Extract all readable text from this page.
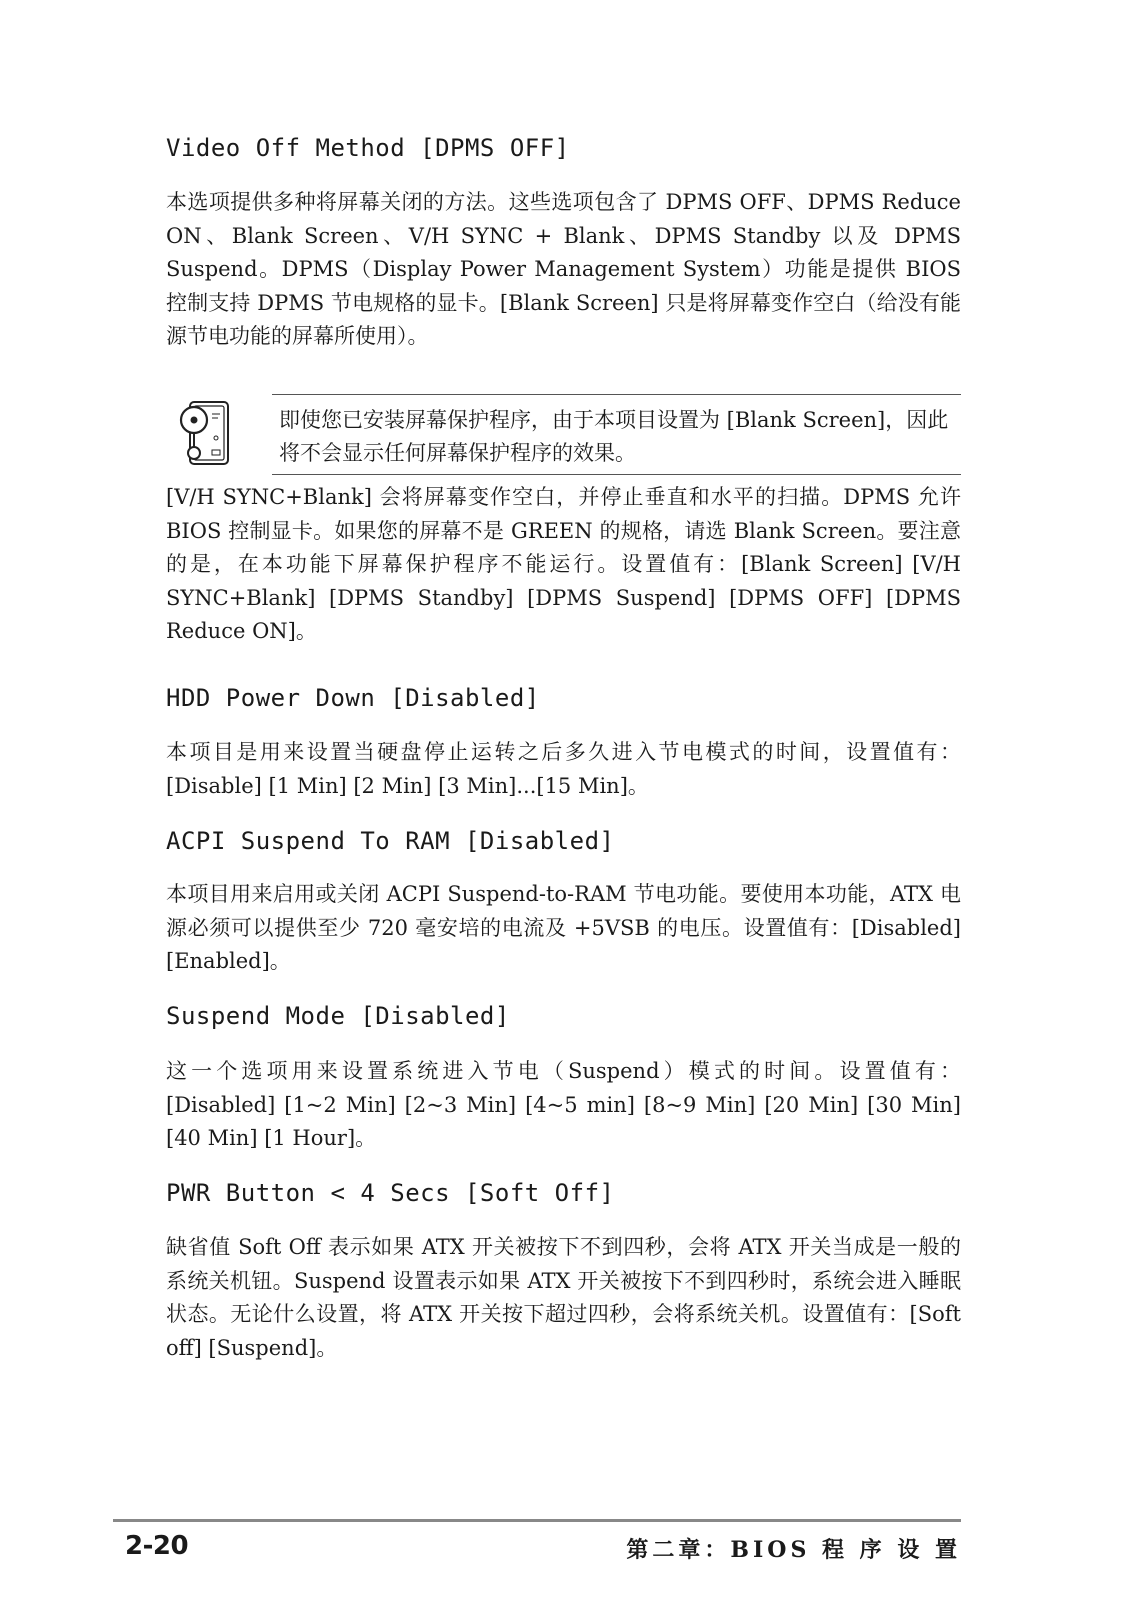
Video Off Method [DPMS OFF]

本选项提供多种将屏幕关闭的方法。这些选项包含了 DPMS OFF、DPMS Reduce ON、Blank Screen、V/H SYNC + Blank、DPMS Standby 以及 DPMS Suspend。DPMS（Display Power Management System）功能是提供 BIOS 控制支持 DPMS 节电规格的显卡。[Blank Screen] 只是将屏幕变作空白（给没有能源节电功能的屏幕所使用）。

即使您已安装屏幕保护程序，由于本项目设置为 [Blank Screen]，因此将不会显示任何屏幕保护程序的效果。

[V/H SYNC+Blank] 会将屏幕变作空白，并停止垂直和水平的扫描。DPMS 允许 BIOS 控制显卡。如果您的屏幕不是 GREEN 的规格，请选 Blank Screen。要注意的是，在本功能下屏幕保护程序不能运行。设置值有：[Blank Screen] [V/H SYNC+Blank] [DPMS Standby] [DPMS Suspend] [DPMS OFF] [DPMS Reduce ON]。

HDD Power Down [Disabled]

本项目是用来设置当硬盘停止运转之后多久进入节电模式的时间，设置值有：[Disable] [1 Min] [2 Min] [3 Min]...[15 Min]。

ACPI Suspend To RAM [Disabled]

本项目用来启用或关闭 ACPI Suspend-to-RAM 节电功能。要使用本功能，ATX 电源必须可以提供至少 720 毫安培的电流及 +5VSB 的电压。设置值有：[Disabled] [Enabled]。

Suspend Mode [Disabled]

这一个选项用来设置系统进入节电（Suspend）模式的时间。设置值有： [Disabled] [1~2 Min] [2~3 Min] [4~5 min] [8~9 Min] [20 Min] [30 Min] [40 Min] [1 Hour]。

PWR Button < 4 Secs [Soft Off]

缺省值 Soft Off 表示如果 ATX 开关被按下不到四秒，会将 ATX 开关当成是一般的系统关机钮。Suspend 设置表示如果 ATX 开关被按下不到四秒时，系统会进入睡眠状态。无论什么设置，将 ATX 开关按下超过四秒，会将系统关机。设置值有：[Soft off] [Suspend]。

2-20	第二章：BIOS 程 序 设 置
